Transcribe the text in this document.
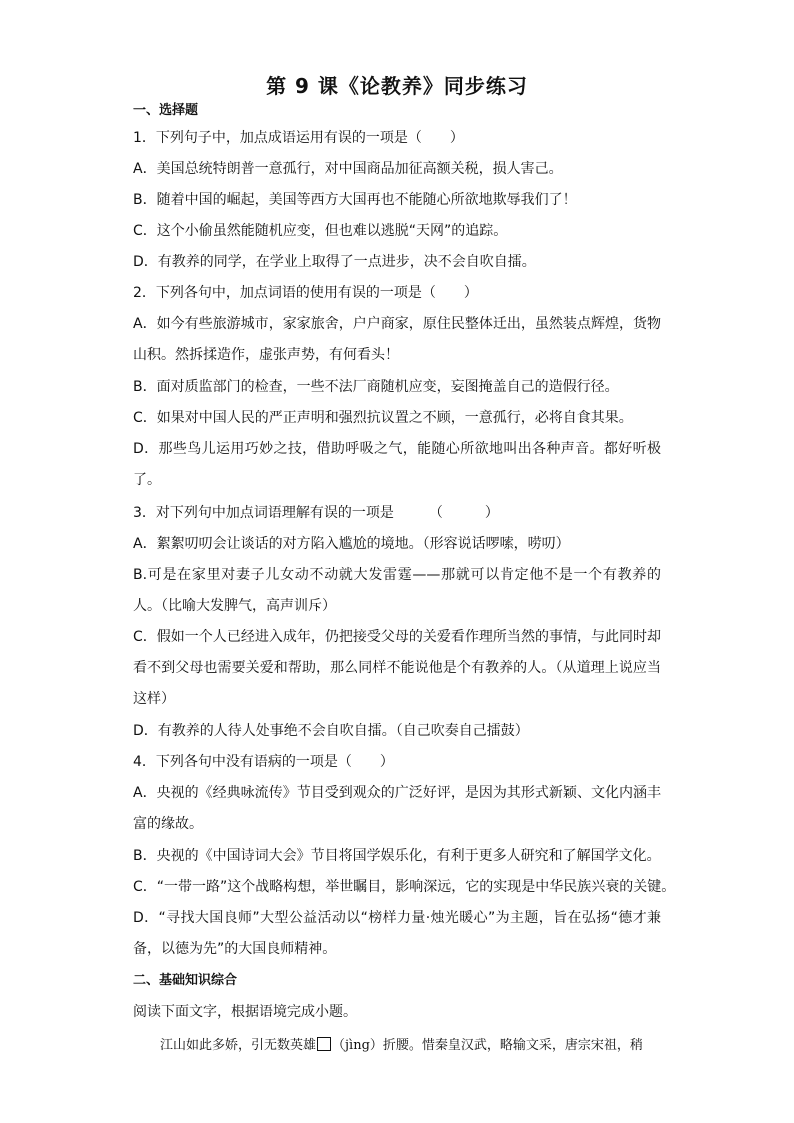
第 9 课《论教养》同步练习
一、选择题
1．下列句子中，加点成语运用有误的一项是（　　）
A．美国总统特朗普一意孤行，对中国商品加征高额关税，损人害己。
B．随着中国的崛起，美国等西方大国再也不能随心所欲地欺辱我们了！
C．这个小偷虽然能随机应变，但也难以逃脱“天网”的追踪。
D．有教养的同学，在学业上取得了一点进步，决不会自吹自擂。
2．下列各句中，加点词语的使用有误的一项是（　　）
A．如今有些旅游城市，家家旅舍，户户商家，原住民整体迁出，虽然装点辉煌，货物山积。然拆揉造作，虚张声势，有何看头！
B．面对质监部门的检查，一些不法厂商随机应变，妄图掩盖自己的造假行径。
C．如果对中国人民的严正声明和强烈抗议置之不顾，一意孤行，必将自食其果。
D．那些鸟儿运用巧妙之技，借助呼吸之气，能随心所欲地叫出各种声音。都好听极了。
3．对下列句中加点词语理解有误的一项是　　　（　　　）
A．絮絮叨叨会让谈话的对方陷入尴尬的境地。（形容说话啰嗦，唠叨）
B.可是在家里对妻子儿女动不动就大发雷霆——那就可以肯定他不是一个有教养的人。（比喻大发脾气，高声训斥）
C．假如一个人已经进入成年，仍把接受父母的关爱看作理所当然的事情，与此同时却看不到父母也需要关爱和帮助，那么同样不能说他是个有教养的人。（从道理上说应当这样）
D．有教养的人待人处事绝不会自吹自擂。（自己吹奏自己擂鼓）
4．下列各句中没有语病的一项是（　　）
A．央视的《经典咏流传》节目受到观众的广泛好评，是因为其形式新颖、文化内涵丰富的缘故。
B．央视的《中国诗词大会》节目将国学娱乐化，有利于更多人研究和了解国学文化。
C．“一带一路”这个战略构想，举世瞩目，影响深远，它的实现是中华民族兴衰的关键。
D．“寻找大国良师”大型公益活动以“榜样力量·烛光暖心”为主题，旨在弘扬“德才兼备，以德为先”的大国良师精神。
二、基础知识综合
阅读下面文字，根据语境完成小题。
江山如此多娇，引无数英雄 （jìng）折腰。惜秦皇汉武，略输文采，唐宗宋祖，稍
